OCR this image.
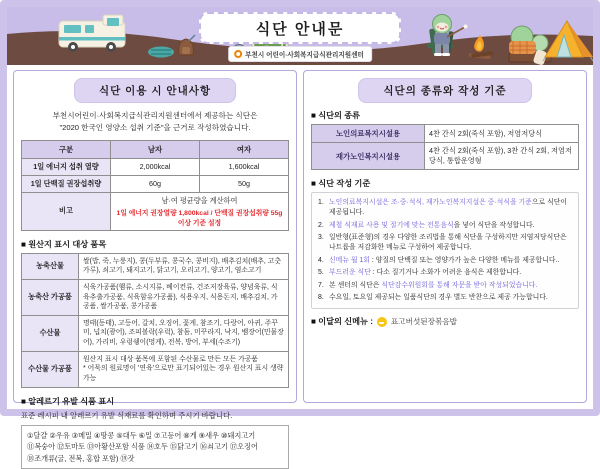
식단 안내문
부천시 어린이·사회복지급식관리지원센터
식단 이용 시 안내사항
부천시어린이·사회복지급식관리지원센터에서 제공하는 식단은
"2020 한국인 영양소 섭취 기준"을 근거로 작성하였습니다.
구분	남자	여자
1일 에너지 섭취 열량	2,000kcal	1,600kcal
1일 단백질 권장섭취량	60g	50g
비고	남·여 평균량을 계산하여
1일 에너지 권장열량 1,800kcal / 단백질 권장섭취량 55g 이상 기준 설정	
■ 원산지 표시 대상 품목
농축산물	쌀(밥, 죽, 누룽지), 콩(두부류, 콩국수, 콩비지), 배추김치(배추, 고춧가루), 쇠고기, 돼지고기, 닭고기, 오리고기, 양고기, 염소고기
농축산 가공품	식육가공품(햄류, 소시지류, 베이컨류, 건조저장육류, 양념육류, 식육추출가공품, 식육함유가공품), 식용우지, 식용돈지, 배추김치, 가공품, 쌀가공품, 콩가공품
수산물	명태(동태), 고등어, 갈치, 오징어, 꽃게, 참조기, 다랑어, 아귀, 주꾸미, 넙치(광어), 조피볼락(우럭), 참돔, 미꾸라지, 낙지, 뱀장어(민물장어), 가리비, 우렁쉥이(멍게), 전복, 방어, 부세(수조기)
수산물 가공품	원산지 표시 대상 품목에 포함된 수산물로 만든 모든 가공품
* 어묵의 원료명이 '연육'으로만 표기되어있는 경우 원산지 표시 생략 가능
■ 알레르기 유발 식품 표시
표준 레시피 내 알레르기 유발 식재료를 확인하며 주시기 바랍니다.
①달걀 ②우유 ③메밀 ④땅콩 ⑤대두 ⑥밀 ⑦고등어 ⑧게 ⑨새우 ⑩돼지고기
⑪복숭아 ⑫토마토 ⑬아황산포함 식품 ⑭호두 ⑮닭고기 ⑯쇠고기 ⑰오징어
⑱조개류(굴, 전복, 홍합 포함) ⑲잣
식단의 종류와 작성 기준
■ 식단의 종류
노인의료복지시설용	4찬 간식 2회(죽식 포함), 저염저당식
재가노인복지시설용	4찬 간식 2회(죽식 포함), 3찬 간식 2회, 저염저당식, 통합운영형
■ 식단 작성 기준
1. 노인의료복지시설은 조·중·석식, 재가노인복지지설은 중·석식을 기준으로 식단이 제공됩니다.
2. 제철 식재료 사용 및 절기에 맞는 전통음식을 넣어 식단을 작성합니다.
3. 일반형(표준형)의 경우 다양한 조리법을 통해 식단을 구성하지만 저염저당식단은 나트륨을 저감화한 메뉴로 구성하여 제공합니다.
4. 신메뉴 월 1회 : 양질의 단백질 또는 영양가가 높은 다양한 메뉴를 제공합니다..
5. 부드러운 식단 : 다소 질기거나 소화가 어려운 음식은 제한합니다.
7. 본 센터의 식단은 식단감수위원회를 통해 자문을 받아 작성되었습니다.
8. 수요일, 토요일 제공되는 일품식단의 경우 별도 반찬으로 제공 가능합니다.
■ 이달의 신메뉴 : 표고버섯된장볶음밥
